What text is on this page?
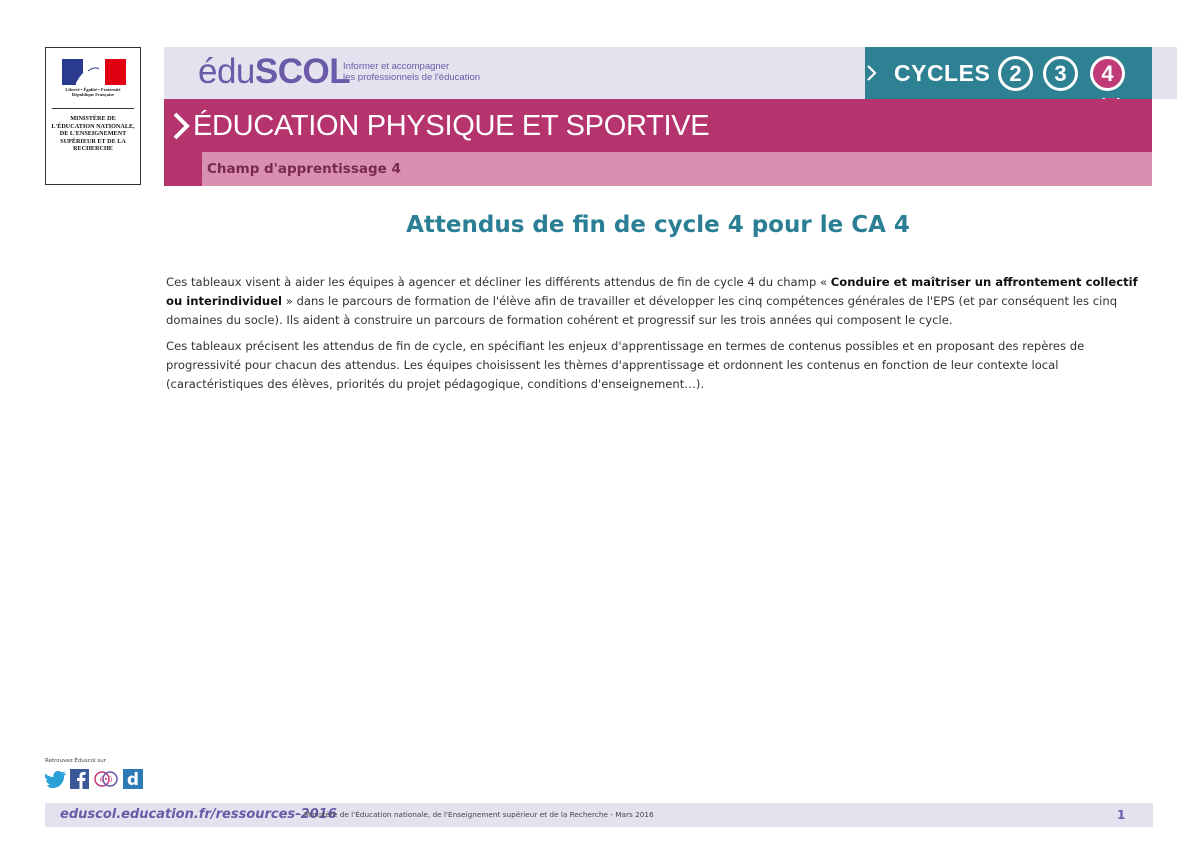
Liberté • Égalité • Fraternité
République Française
MINISTÈRE DE L'ÉDUCATION NATIONALE, DE L'ENSEIGNEMENT SUPÉRIEUR ET DE LA RECHERCHE
éduSCOL
Informer et accompagner
les professionnels de l'éducation	CYCLES 2	3	4
ÉDUCATION PHYSIQUE ET SPORTIVE
Champ d'apprentissage 4
Attendus de fin de cycle 4 pour le CA 4
Ces tableaux visent à aider les équipes à agencer et décliner les différents attendus de fin de cycle 4 du champ « Conduire et maîtriser un affrontement collectif ou interindividuel » dans le parcours de formation de l'élève afin de travailler et développer les cinq compétences générales de l'EPS (et par conséquent les cinq domaines du socle). Ils aident à construire un parcours de formation cohérent et progressif sur les trois années qui composent le cycle.
Ces tableaux précisent les attendus de fin de cycle, en spécifiant les enjeux d'apprentissage en termes de contenus possibles et en proposant des repères de progressivité pour chacun des attendus. Les équipes choisissent les thèmes d'apprentissage et ordonnent les contenus en fonction de leur contexte local (caractéristiques des élèves, priorités du projet pédagogique, conditions d'enseignement…).
Retrouvez Éduscol sur
é•ü d
eduscol.education.fr/ressources-2016
- Ministère de l'Éducation nationale, de l'Enseignement supérieur et de la Recherche - Mars 2016	1
